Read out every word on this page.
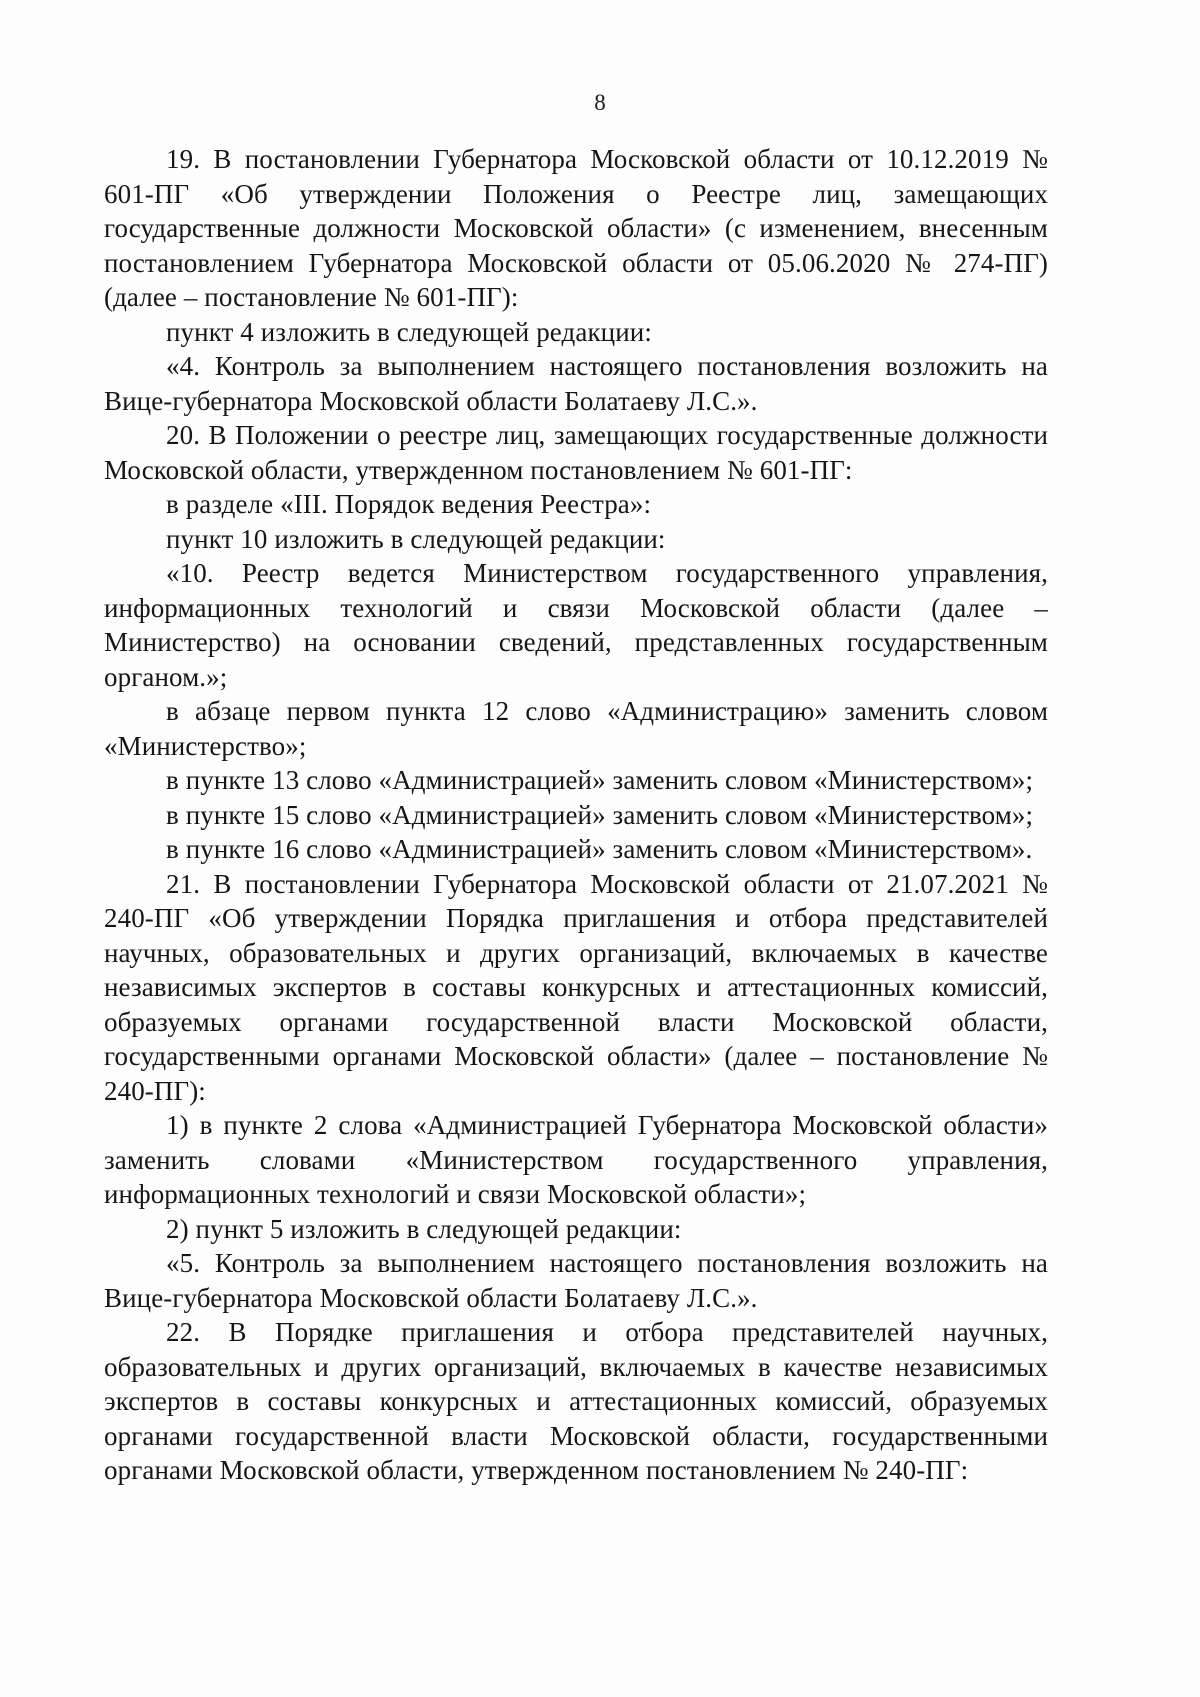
8

19. В постановлении Губернатора Московской области от 10.12.2019 № 601-ПГ «Об утверждении Положения о Реестре лиц, замещающих государственные должности Московской области» (с изменением, внесенным постановлением Губернатора Московской области от 05.06.2020 № 274-ПГ) (далее – постановление № 601-ПГ):

пункт 4 изложить в следующей редакции:

«4. Контроль за выполнением настоящего постановления возложить на Вице-губернатора Московской области Болатаеву Л.С.».

20. В Положении о реестре лиц, замещающих государственные должности Московской области, утвержденном постановлением № 601-ПГ:

в разделе «III. Порядок ведения Реестра»:

пункт 10 изложить в следующей редакции:

«10. Реестр ведется Министерством государственного управления, информационных технологий и связи Московской области (далее – Министерство) на основании сведений, представленных государственным органом.»;

в абзаце первом пункта 12 слово «Администрацию» заменить словом «Министерство»;

в пункте 13 слово «Администрацией» заменить словом «Министерством»;

в пункте 15 слово «Администрацией» заменить словом «Министерством»;

в пункте 16 слово «Администрацией» заменить словом «Министерством».

21. В постановлении Губернатора Московской области от 21.07.2021 № 240-ПГ «Об утверждении Порядка приглашения и отбора представителей научных, образовательных и других организаций, включаемых в качестве независимых экспертов в составы конкурсных и аттестационных комиссий, образуемых органами государственной власти Московской области, государственными органами Московской области» (далее – постановление № 240-ПГ):

1) в пункте 2 слова «Администрацией Губернатора Московской области» заменить словами «Министерством государственного управления, информационных технологий и связи Московской области»;

2) пункт 5 изложить в следующей редакции:

«5. Контроль за выполнением настоящего постановления возложить на Вице-губернатора Московской области Болатаеву Л.С.».

22. В Порядке приглашения и отбора представителей научных, образовательных и других организаций, включаемых в качестве независимых экспертов в составы конкурсных и аттестационных комиссий, образуемых органами государственной власти Московской области, государственными органами Московской области, утвержденном постановлением № 240-ПГ:
